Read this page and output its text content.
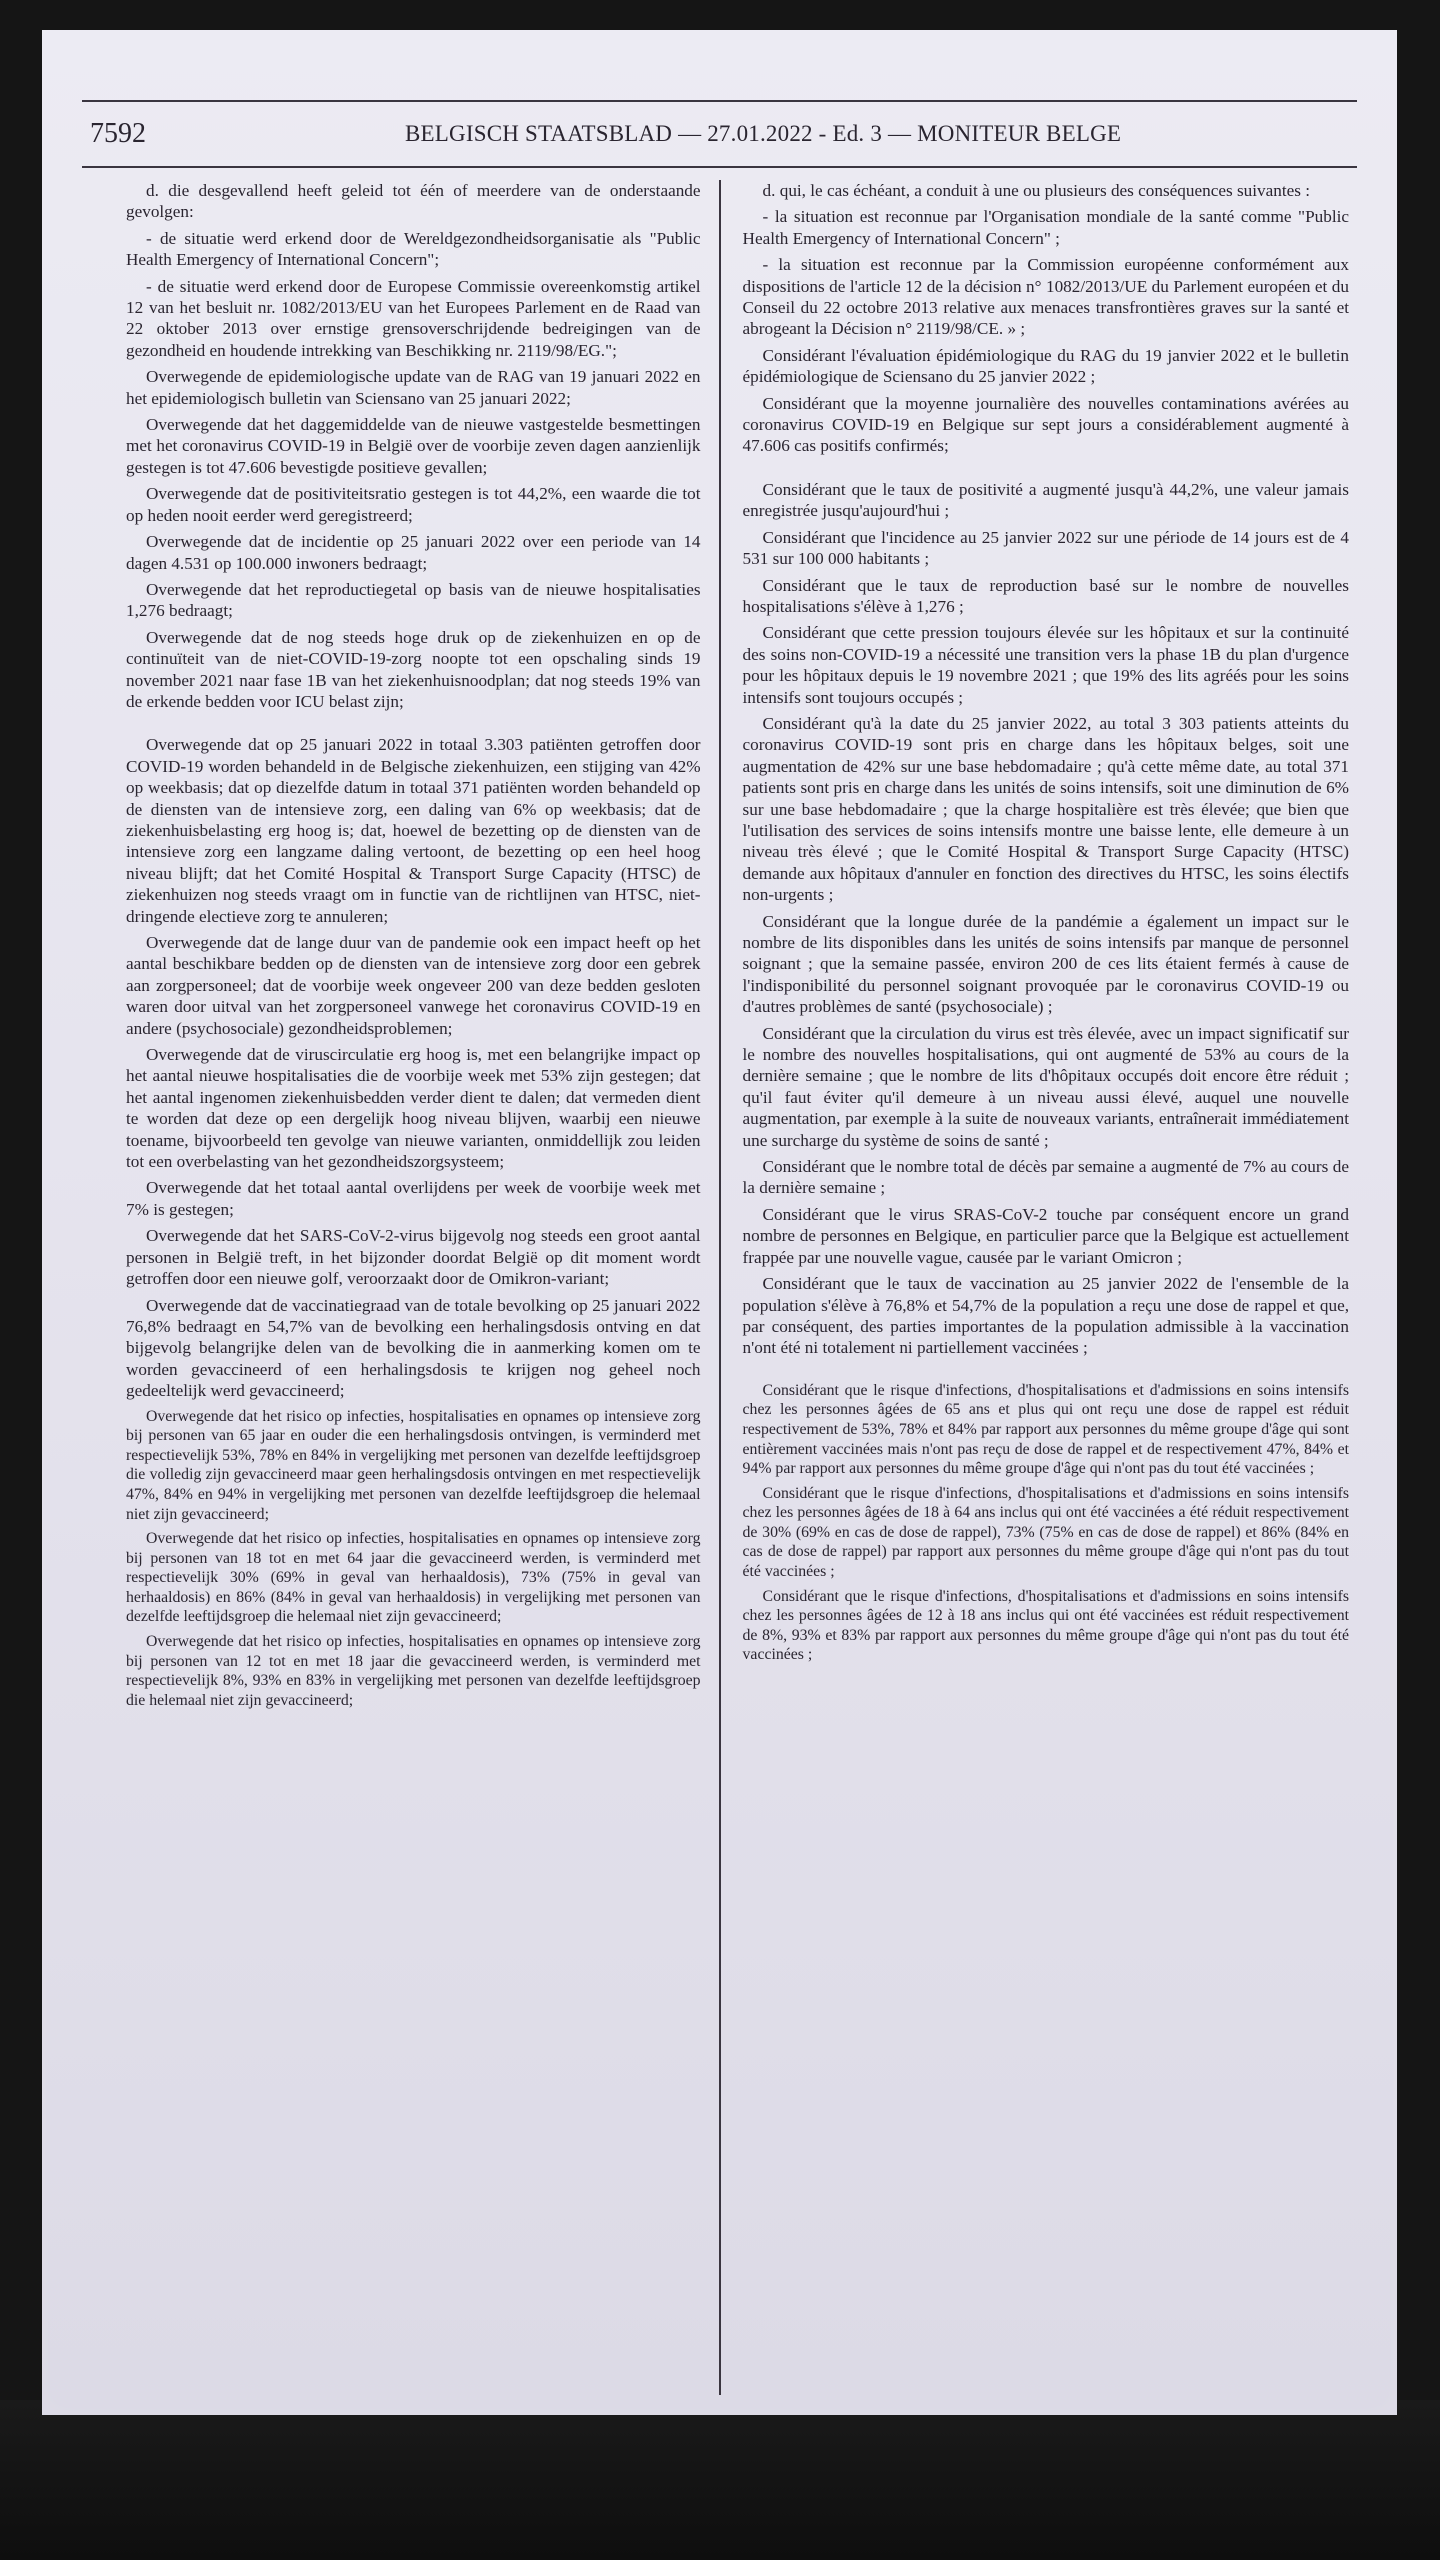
7592	BELGISCH STAATSBLAD — 27.01.2022 - Ed. 3 — MONITEUR BELGE

d. die desgevallend heeft geleid tot één of meerdere van de onderstaande gevolgen:

- de situatie werd erkend door de Wereldgezondheidsorganisatie als "Public Health Emergency of International Concern";

- de situatie werd erkend door de Europese Commissie overeenkomstig artikel 12 van het besluit nr. 1082/2013/EU van het Europees Parlement en de Raad van 22 oktober 2013 over ernstige grensoverschrijdende bedreigingen van de gezondheid en houdende intrekking van Beschikking nr. 2119/98/EG.";

Overwegende de epidemiologische update van de RAG van 19 januari 2022 en het epidemiologisch bulletin van Sciensano van 25 januari 2022;

Overwegende dat het daggemiddelde van de nieuwe vastgestelde besmettingen met het coronavirus COVID-19 in België over de voorbije zeven dagen aanzienlijk gestegen is tot 47.606 bevestigde positieve gevallen;

Overwegende dat de positiviteitsratio gestegen is tot 44,2%, een waarde die tot op heden nooit eerder werd geregistreerd;

Overwegende dat de incidentie op 25 januari 2022 over een periode van 14 dagen 4.531 op 100.000 inwoners bedraagt;

Overwegende dat het reproductiegetal op basis van de nieuwe hospitalisaties 1,276 bedraagt;

Overwegende dat de nog steeds hoge druk op de ziekenhuizen en op de continuïteit van de niet-COVID-19-zorg noopte tot een opschaling sinds 19 november 2021 naar fase 1B van het ziekenhuisnoodplan; dat nog steeds 19% van de erkende bedden voor ICU belast zijn;

Overwegende dat op 25 januari 2022 in totaal 3.303 patiënten getroffen door COVID-19 worden behandeld in de Belgische ziekenhuizen, een stijging van 42% op weekbasis; dat op diezelfde datum in totaal 371 patiënten worden behandeld op de diensten van de intensieve zorg, een daling van 6% op weekbasis; dat de ziekenhuisbelasting erg hoog is; dat, hoewel de bezetting op de diensten van de intensieve zorg een langzame daling vertoont, de bezetting op een heel hoog niveau blijft; dat het Comité Hospital & Transport Surge Capacity (HTSC) de ziekenhuizen nog steeds vraagt om in functie van de richtlijnen van HTSC, niet-dringende electieve zorg te annuleren;

Overwegende dat de lange duur van de pandemie ook een impact heeft op het aantal beschikbare bedden op de diensten van de intensieve zorg door een gebrek aan zorgpersoneel; dat de voorbije week ongeveer 200 van deze bedden gesloten waren door uitval van het zorgpersoneel vanwege het coronavirus COVID-19 en andere (psychosociale) gezondheidsproblemen;

Overwegende dat de viruscirculatie erg hoog is, met een belangrijke impact op het aantal nieuwe hospitalisaties die de voorbije week met 53% zijn gestegen; dat het aantal ingenomen ziekenhuisbedden verder dient te dalen; dat vermeden dient te worden dat deze op een dergelijk hoog niveau blijven, waarbij een nieuwe toename, bijvoorbeeld ten gevolge van nieuwe varianten, onmiddellijk zou leiden tot een overbelasting van het gezondheidszorgsysteem;

Overwegende dat het totaal aantal overlijdens per week de voorbije week met 7% is gestegen;

Overwegende dat het SARS-CoV-2-virus bijgevolg nog steeds een groot aantal personen in België treft, in het bijzonder doordat België op dit moment wordt getroffen door een nieuwe golf, veroorzaakt door de Omikron-variant;

Overwegende dat de vaccinatiegraad van de totale bevolking op 25 januari 2022 76,8% bedraagt en 54,7% van de bevolking een herhalingsdosis ontving en dat bijgevolg belangrijke delen van de bevolking die in aanmerking komen om te worden gevaccineerd of een herhalingsdosis te krijgen nog geheel noch gedeeltelijk werd gevaccineerd;

Overwegende dat het risico op infecties, hospitalisaties en opnames op intensieve zorg bij personen van 65 jaar en ouder die een herhalingsdosis ontvingen, is verminderd met respectievelijk 53%, 78% en 84% in vergelijking met personen van dezelfde leeftijdsgroep die volledig zijn gevaccineerd maar geen herhalingsdosis ontvingen en met respectievelijk 47%, 84% en 94% in vergelijking met personen van dezelfde leeftijdsgroep die helemaal niet zijn gevaccineerd;

Overwegende dat het risico op infecties, hospitalisaties en opnames op intensieve zorg bij personen van 18 tot en met 64 jaar die gevaccineerd werden, is verminderd met respectievelijk 30% (69% in geval van herhaaldosis), 73% (75% in geval van herhaaldosis) en 86% (84% in geval van herhaaldosis) in vergelijking met personen van dezelfde leeftijdsgroep die helemaal niet zijn gevaccineerd;

Overwegende dat het risico op infecties, hospitalisaties en opnames op intensieve zorg bij personen van 12 tot en met 18 jaar die gevaccineerd werden, is verminderd met respectievelijk 8%, 93% en 83% in vergelijking met personen van dezelfde leeftijdsgroep die helemaal niet zijn gevaccineerd;

d. qui, le cas échéant, a conduit à une ou plusieurs des conséquences suivantes :

- la situation est reconnue par l'Organisation mondiale de la santé comme "Public Health Emergency of International Concern" ;

- la situation est reconnue par la Commission européenne conformément aux dispositions de l'article 12 de la décision n° 1082/2013/UE du Parlement européen et du Conseil du 22 octobre 2013 relative aux menaces transfrontières graves sur la santé et abrogeant la Décision n° 2119/98/CE. » ;

Considérant l'évaluation épidémiologique du RAG du 19 janvier 2022 et le bulletin épidémiologique de Sciensano du 25 janvier 2022 ;

Considérant que la moyenne journalière des nouvelles contaminations avérées au coronavirus COVID-19 en Belgique sur sept jours a considérablement augmenté à 47.606 cas positifs confirmés;

Considérant que le taux de positivité a augmenté jusqu'à 44,2%, une valeur jamais enregistrée jusqu'aujourd'hui ;

Considérant que l'incidence au 25 janvier 2022 sur une période de 14 jours est de 4 531 sur 100 000 habitants ;

Considérant que le taux de reproduction basé sur le nombre de nouvelles hospitalisations s'élève à 1,276 ;

Considérant que cette pression toujours élevée sur les hôpitaux et sur la continuité des soins non-COVID-19 a nécessité une transition vers la phase 1B du plan d'urgence pour les hôpitaux depuis le 19 novembre 2021 ; que 19% des lits agréés pour les soins intensifs sont toujours occupés ;

Considérant qu'à la date du 25 janvier 2022, au total 3 303 patients atteints du coronavirus COVID-19 sont pris en charge dans les hôpitaux belges, soit une augmentation de 42% sur une base hebdomadaire ; qu'à cette même date, au total 371 patients sont pris en charge dans les unités de soins intensifs, soit une diminution de 6% sur une base hebdomadaire ; que la charge hospitalière est très élevée; que bien que l'utilisation des services de soins intensifs montre une baisse lente, elle demeure à un niveau très élevé ; que le Comité Hospital & Transport Surge Capacity (HTSC) demande aux hôpitaux d'annuler en fonction des directives du HTSC, les soins électifs non-urgents ;

Considérant que la longue durée de la pandémie a également un impact sur le nombre de lits disponibles dans les unités de soins intensifs par manque de personnel soignant ; que la semaine passée, environ 200 de ces lits étaient fermés à cause de l'indisponibilité du personnel soignant provoquée par le coronavirus COVID-19 ou d'autres problèmes de santé (psychosociale) ;

Considérant que la circulation du virus est très élevée, avec un impact significatif sur le nombre des nouvelles hospitalisations, qui ont augmenté de 53% au cours de la dernière semaine ; que le nombre de lits d'hôpitaux occupés doit encore être réduit ; qu'il faut éviter qu'il demeure à un niveau aussi élevé, auquel une nouvelle augmentation, par exemple à la suite de nouveaux variants, entraînerait immédiatement une surcharge du système de soins de santé ;

Considérant que le nombre total de décès par semaine a augmenté de 7% au cours de la dernière semaine ;

Considérant que le virus SRAS-CoV-2 touche par conséquent encore un grand nombre de personnes en Belgique, en particulier parce que la Belgique est actuellement frappée par une nouvelle vague, causée par le variant Omicron ;

Considérant que le taux de vaccination au 25 janvier 2022 de l'ensemble de la population s'élève à 76,8% et 54,7% de la population a reçu une dose de rappel et que, par conséquent, des parties importantes de la population admissible à la vaccination n'ont été ni totalement ni partiellement vaccinées ;

Considérant que le risque d'infections, d'hospitalisations et d'admissions en soins intensifs chez les personnes âgées de 65 ans et plus qui ont reçu une dose de rappel est réduit respectivement de 53%, 78% et 84% par rapport aux personnes du même groupe d'âge qui sont entièrement vaccinées mais n'ont pas reçu de dose de rappel et de respectivement 47%, 84% et 94% par rapport aux personnes du même groupe d'âge qui n'ont pas du tout été vaccinées ;

Considérant que le risque d'infections, d'hospitalisations et d'admissions en soins intensifs chez les personnes âgées de 18 à 64 ans inclus qui ont été vaccinées a été réduit respectivement de 30% (69% en cas de dose de rappel), 73% (75% en cas de dose de rappel) et 86% (84% en cas de dose de rappel) par rapport aux personnes du même groupe d'âge qui n'ont pas du tout été vaccinées ;

Considérant que le risque d'infections, d'hospitalisations et d'admissions en soins intensifs chez les personnes âgées de 12 à 18 ans inclus qui ont été vaccinées est réduit respectivement de 8%, 93% et 83% par rapport aux personnes du même groupe d'âge qui n'ont pas du tout été vaccinées ;
